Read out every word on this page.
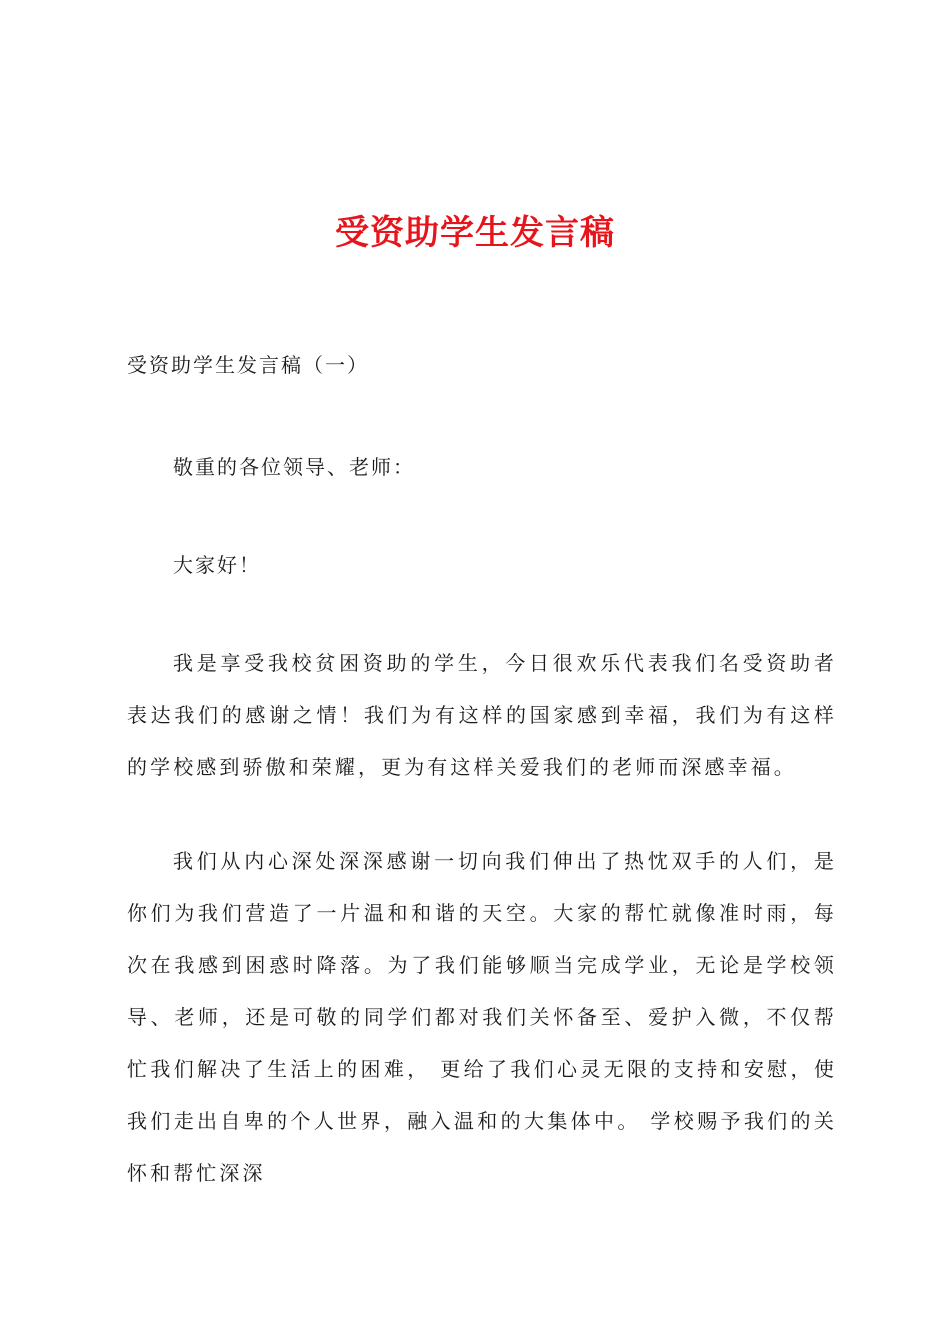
受资助学生发言稿

受资助学生发言稿（一）

敬重的各位领导、老师：

大家好！

我是享受我校贫困资助的学生，今日很欢乐代表我们名受资助者表达我们的感谢之情！我们为有这样的国家感到幸福，我们为有这样的学校感到骄傲和荣耀，更为有这样关爱我们的老师而深感幸福。

我们从内心深处深深感谢一切向我们伸出了热忱双手的人们，是你们为我们营造了一片温和和谐的天空。大家的帮忙就像准时雨，每次在我感到困惑时降落。为了我们能够顺当完成学业，无论是学校领导、老师，还是可敬的同学们都对我们关怀备至、爱护入微，不仅帮忙我们解决了生活上的困难， 更给了我们心灵无限的支持和安慰，使我们走出自卑的个人世界，融入温和的大集体中。 学校赐予我们的关怀和帮忙深深
